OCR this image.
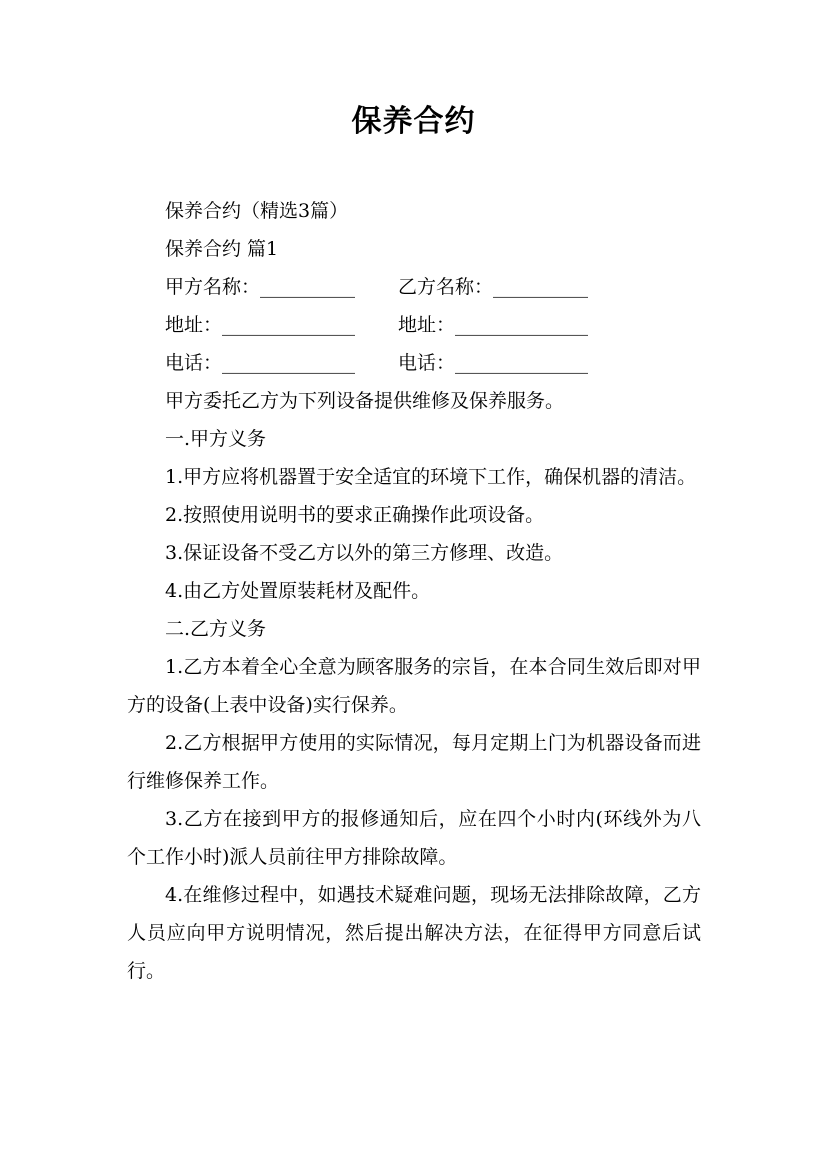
保养合约

保养合约（精选3篇）

保养合约 篇1

甲方名称：__________	乙方名称：__________
地址：______________	地址：______________
电话：______________	电话：______________

甲方委托乙方为下列设备提供维修及保养服务。

一.甲方义务

1.甲方应将机器置于安全适宜的环境下工作，确保机器的清洁。

2.按照使用说明书的要求正确操作此项设备。

3.保证设备不受乙方以外的第三方修理、改造。

4.由乙方处置原装耗材及配件。

二.乙方义务

1.乙方本着全心全意为顾客服务的宗旨，在本合同生效后即对甲方的设备(上表中设备)实行保养。

2.乙方根据甲方使用的实际情况，每月定期上门为机器设备而进行维修保养工作。

3.乙方在接到甲方的报修通知后，应在四个小时内(环线外为八个工作小时)派人员前往甲方排除故障。

4.在维修过程中，如遇技术疑难问题，现场无法排除故障，乙方人员应向甲方说明情况，然后提出解决方法，在征得甲方同意后试行。
